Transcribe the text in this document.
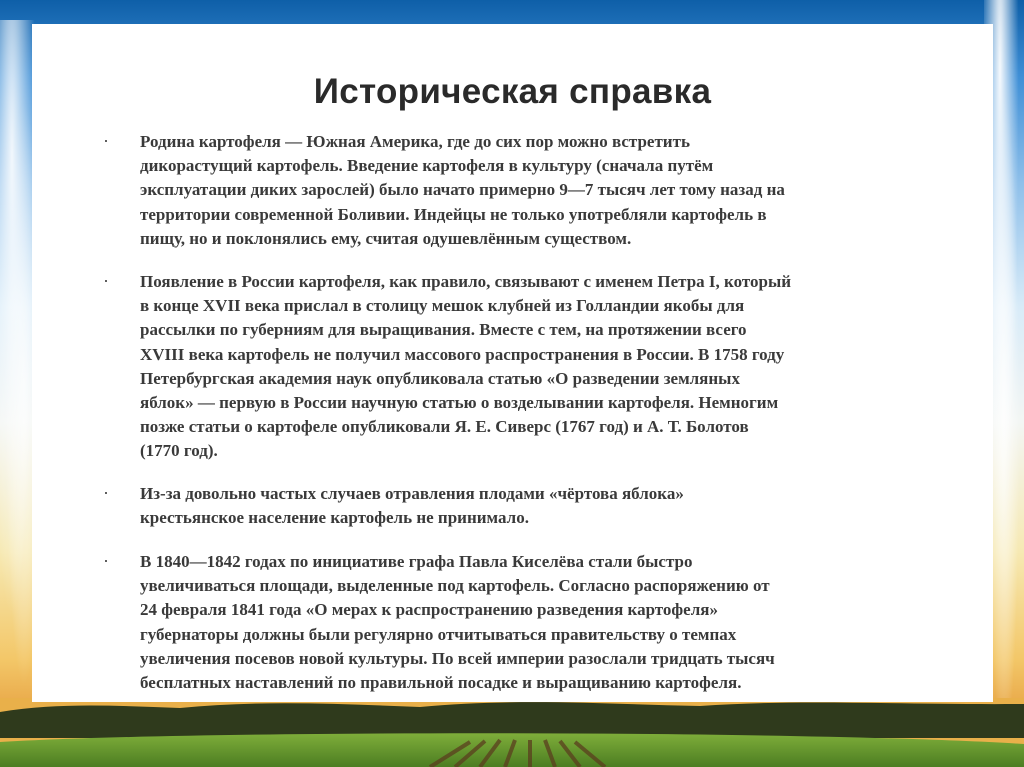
Историческая справка
· Родина картофеля — Южная Америка, где до сих пор можно встретить
дикорастущий картофель. Введение картофеля в культуру (сначала путём
эксплуатации диких зарослей) было начато примерно 9—7 тысяч лет тому назад на
территории современной Боливии. Индейцы не только употребляли картофель в
пищу, но и поклонялись ему, считая одушевлённым существом.
· Появление в России картофеля, как правило, связывают с именем Петра I, который
в конце XVII века прислал в столицу мешок клубней из Голландии якобы для
рассылки по губерниям для выращивания. Вместе с тем, на протяжении всего
XVIII века картофель не получил массового распространения в России. В 1758 году
Петербургская академия наук опубликовала статью «О разведении земляных
яблок» — первую в России научную статью о возделывании картофеля. Немногим
позже статьи о картофеле опубликовали Я. Е. Сиверс (1767 год) и А. Т. Болотов
(1770 год).
· Из-за довольно частых случаев отравления плодами «чёртова яблока»
крестьянское население картофель не принимало.
· В 1840—1842 годах по инициативе графа Павла Киселёва стали быстро
увеличиваться площади, выделенные под картофель. Согласно распоряжению от
24 февраля 1841 года «О мерах к распространению разведения картофеля»
губернаторы должны были регулярно отчитываться правительству о темпах
увеличения посевов новой культуры. По всей империи разослали тридцать тысяч
бесплатных наставлений по правильной посадке и выращиванию картофеля.
